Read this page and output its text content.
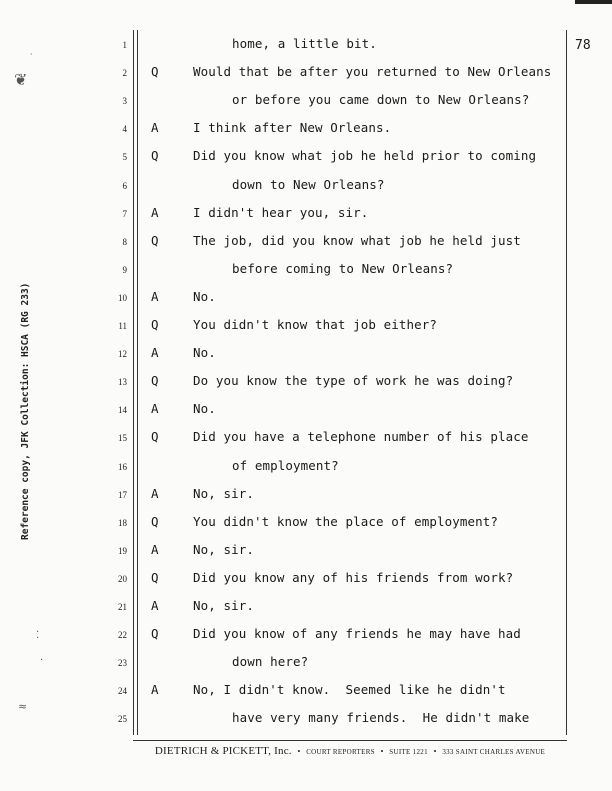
78
1	home, a little bit.
2 Q	Would that be after you returned to New Orleans
3	or before you came down to New Orleans?
4 A	I think after New Orleans.
5 Q	Did you know what job he held prior to coming
6	down to New Orleans?
7 A	I didn't hear you, sir.
8 Q	The job, did you know what job he held just
9	before coming to New Orleans?
10 A	No.
11 Q	You didn't know that job either?
12 A	No.
13 Q	Do you know the type of work he was doing?
14 A	No.
15 Q	Did you have a telephone number of his place
16	of employment?
17 A	No, sir.
18 Q	You didn't know the place of employment?
19 A	No, sir.
20 Q	Did you know any of his friends from work?
21 A	No, sir.
22 Q	Did you know of any friends he may have had
23	down here?
24 A	No, I didn't know.  Seemed like he didn't
25	have very many friends.  He didn't make
DIETRICH & PICKETT, Inc. • COURT REPORTERS • SUITE 1221 • 333 SAINT CHARLES AVENUE
Reference copy, JFK Collection: HSCA (RG 233)
❦
·
⁚
·
≈
